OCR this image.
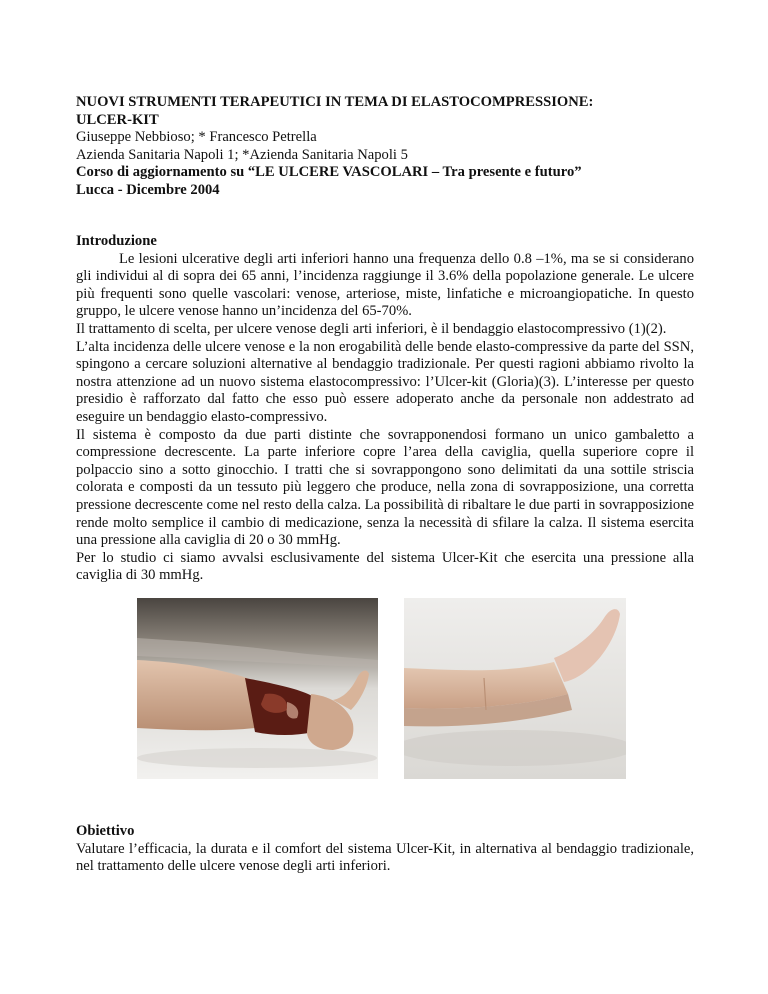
NUOVI STRUMENTI TERAPEUTICI IN TEMA DI ELASTOCOMPRESSIONE:

ULCER-KIT

Giuseppe Nebbioso; * Francesco Petrella

Azienda Sanitaria Napoli 1; *Azienda Sanitaria Napoli 5

Corso di aggiornamento su “LE ULCERE VASCOLARI – Tra presente e futuro”

Lucca - Dicembre 2004

Introduzione

Le lesioni ulcerative degli arti inferiori hanno una frequenza dello 0.8 –1%, ma se si considerano gli individui al di sopra dei 65 anni, l’incidenza raggiunge il 3.6% della popolazione generale. Le ulcere più frequenti sono quelle vascolari: venose, arteriose, miste, linfatiche e microangiopatiche. In questo gruppo, le ulcere venose hanno un’incidenza del 65-70%.

Il trattamento di scelta, per ulcere venose degli arti inferiori, è il bendaggio elastocompressivo (1)(2).

L’alta incidenza delle ulcere venose e la non erogabilità delle bende elasto-compressive da parte del SSN, spingono a cercare soluzioni alternative al bendaggio tradizionale. Per questi ragioni abbiamo rivolto la nostra attenzione ad un nuovo sistema elastocompressivo: l’Ulcer-kit (Gloria)(3). L’interesse per questo presidio è rafforzato dal fatto che esso può essere adoperato anche da personale non addestrato ad eseguire un bendaggio elasto-compressivo.

Il sistema è composto da due parti distinte che sovrapponendosi formano un unico gambaletto a compressione decrescente. La parte inferiore copre l’area della caviglia, quella superiore copre il polpaccio sino a sotto ginocchio. I tratti che si sovrappongono sono delimitati da una sottile striscia colorata e composti da un tessuto più leggero che produce, nella zona di sovrapposizione, una corretta pressione decrescente come nel resto della calza. La possibilità di ribaltare le due parti in sovrapposizione rende molto semplice il cambio di medicazione, senza la necessità di sfilare la calza. Il sistema esercita una pressione alla caviglia di 20 o 30 mmHg.

Per lo studio ci siamo avvalsi esclusivamente del sistema Ulcer-Kit che esercita una pressione alla caviglia di 30 mmHg.

Obiettivo

Valutare l’efficacia, la durata e il comfort del sistema Ulcer-Kit, in alternativa al bendaggio tradizionale, nel trattamento delle ulcere venose degli arti inferiori.
